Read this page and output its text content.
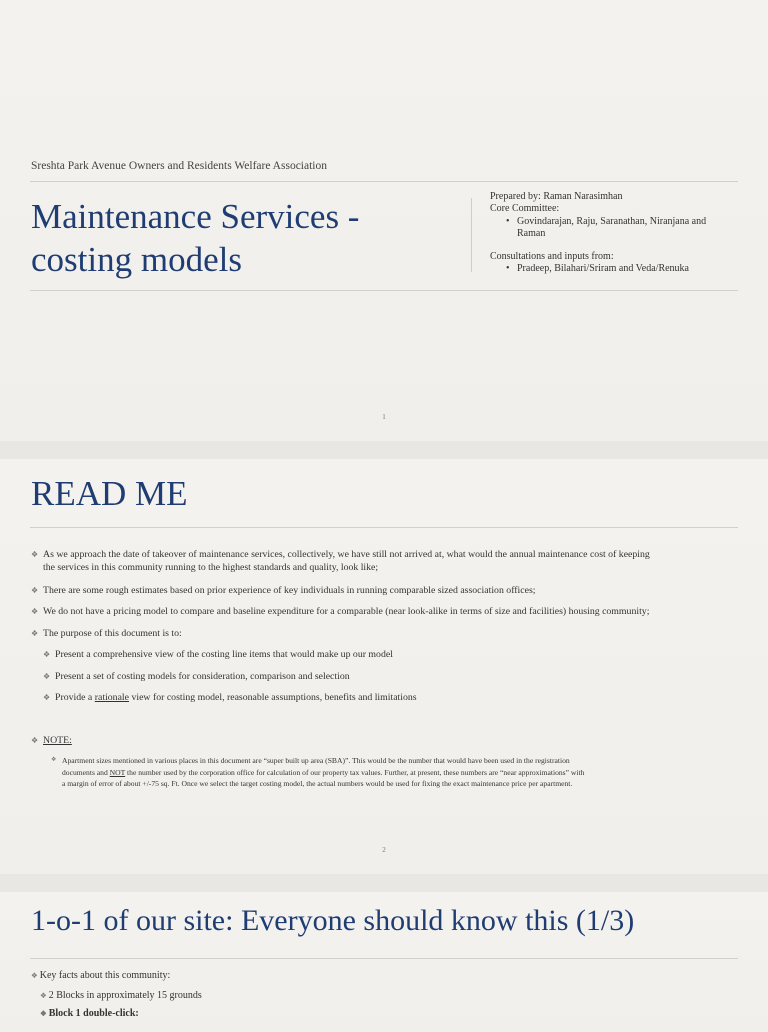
Sreshta Park Avenue Owners and Residents Welfare Association
Maintenance Services -
costing models
Prepared by: Raman Narasimhan
Core Committee:
• Govindarajan, Raju, Saranathan, Niranjana and
Raman
Consultations and inputs from:
• Pradeep, Bilahari/Sriram and Veda/Renuka
1
READ ME
❖ As we approach the date of takeover of maintenance services, collectively, we have still not arrived at, what would the annual maintenance cost of keeping
the services in this community running to the highest standards and quality, look like;
❖ There are some rough estimates based on prior experience of key individuals in running comparable sized association offices;
❖ We do not have a pricing model to compare and baseline expenditure for a comparable (near look-alike in terms of size and facilities) housing community;
❖ The purpose of this document is to:
❖ Present a comprehensive view of the costing line items that would make up our model
❖ Present a set of costing models for consideration, comparison and selection
❖ Provide a rationale view for costing model, reasonable assumptions, benefits and limitations
❖ NOTE:
❖ Apartment sizes mentioned in various places in this document are “super built up area (SBA)”. This would be the number that would have been used in the registration
documents and NOT the number used by the corporation office for calculation of our property tax values. Further, at present, these numbers are “near approximations” with
a margin of error of about +/-75 sq. Ft. Once we select the target costing model, the actual numbers would be used for fixing the exact maintenance price per apartment.
2
1-o-1 of our site: Everyone should know this (1/3)
❖ Key facts about this community:
❖ 2 Blocks in approximately 15 grounds
❖ Block 1 double-click:
